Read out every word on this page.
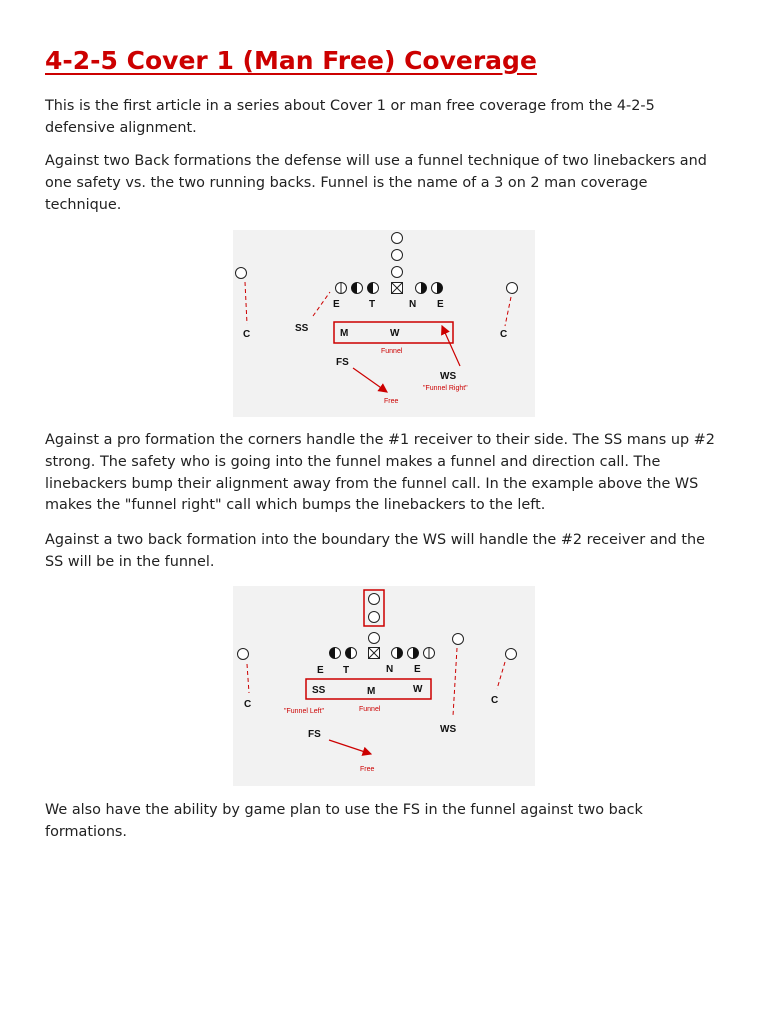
4-2-5 Cover 1 (Man Free) Coverage

This is the first article in a series about Cover 1 or man free coverage from the 4-2-5 defensive alignment.

Against two Back formations the defense will use a funnel technique of two linebackers and one safety vs. the two running backs. Funnel is the name of a 3 on 2 man coverage technique.

C	C
E	T	N E
SS	M	W
Funnel
FS
Free
WS
"Funnel Right"

Against a pro formation the corners handle the #1 receiver to their side. The SS mans up #2 strong. The safety who is going into the funnel makes a funnel and direction call. The linebackers bump their alignment away from the funnel call. In the example above the WS makes the "funnel right" call which bumps the linebackers to the left.

Against a two back formation into the boundary the WS will handle the #2 receiver and the SS will be in the funnel.

C	C
E T	N E
SS	M	W
"Funnel Left"	Funnel
WS
FS
Free

We also have the ability by game plan to use the FS in the funnel against two back formations.
